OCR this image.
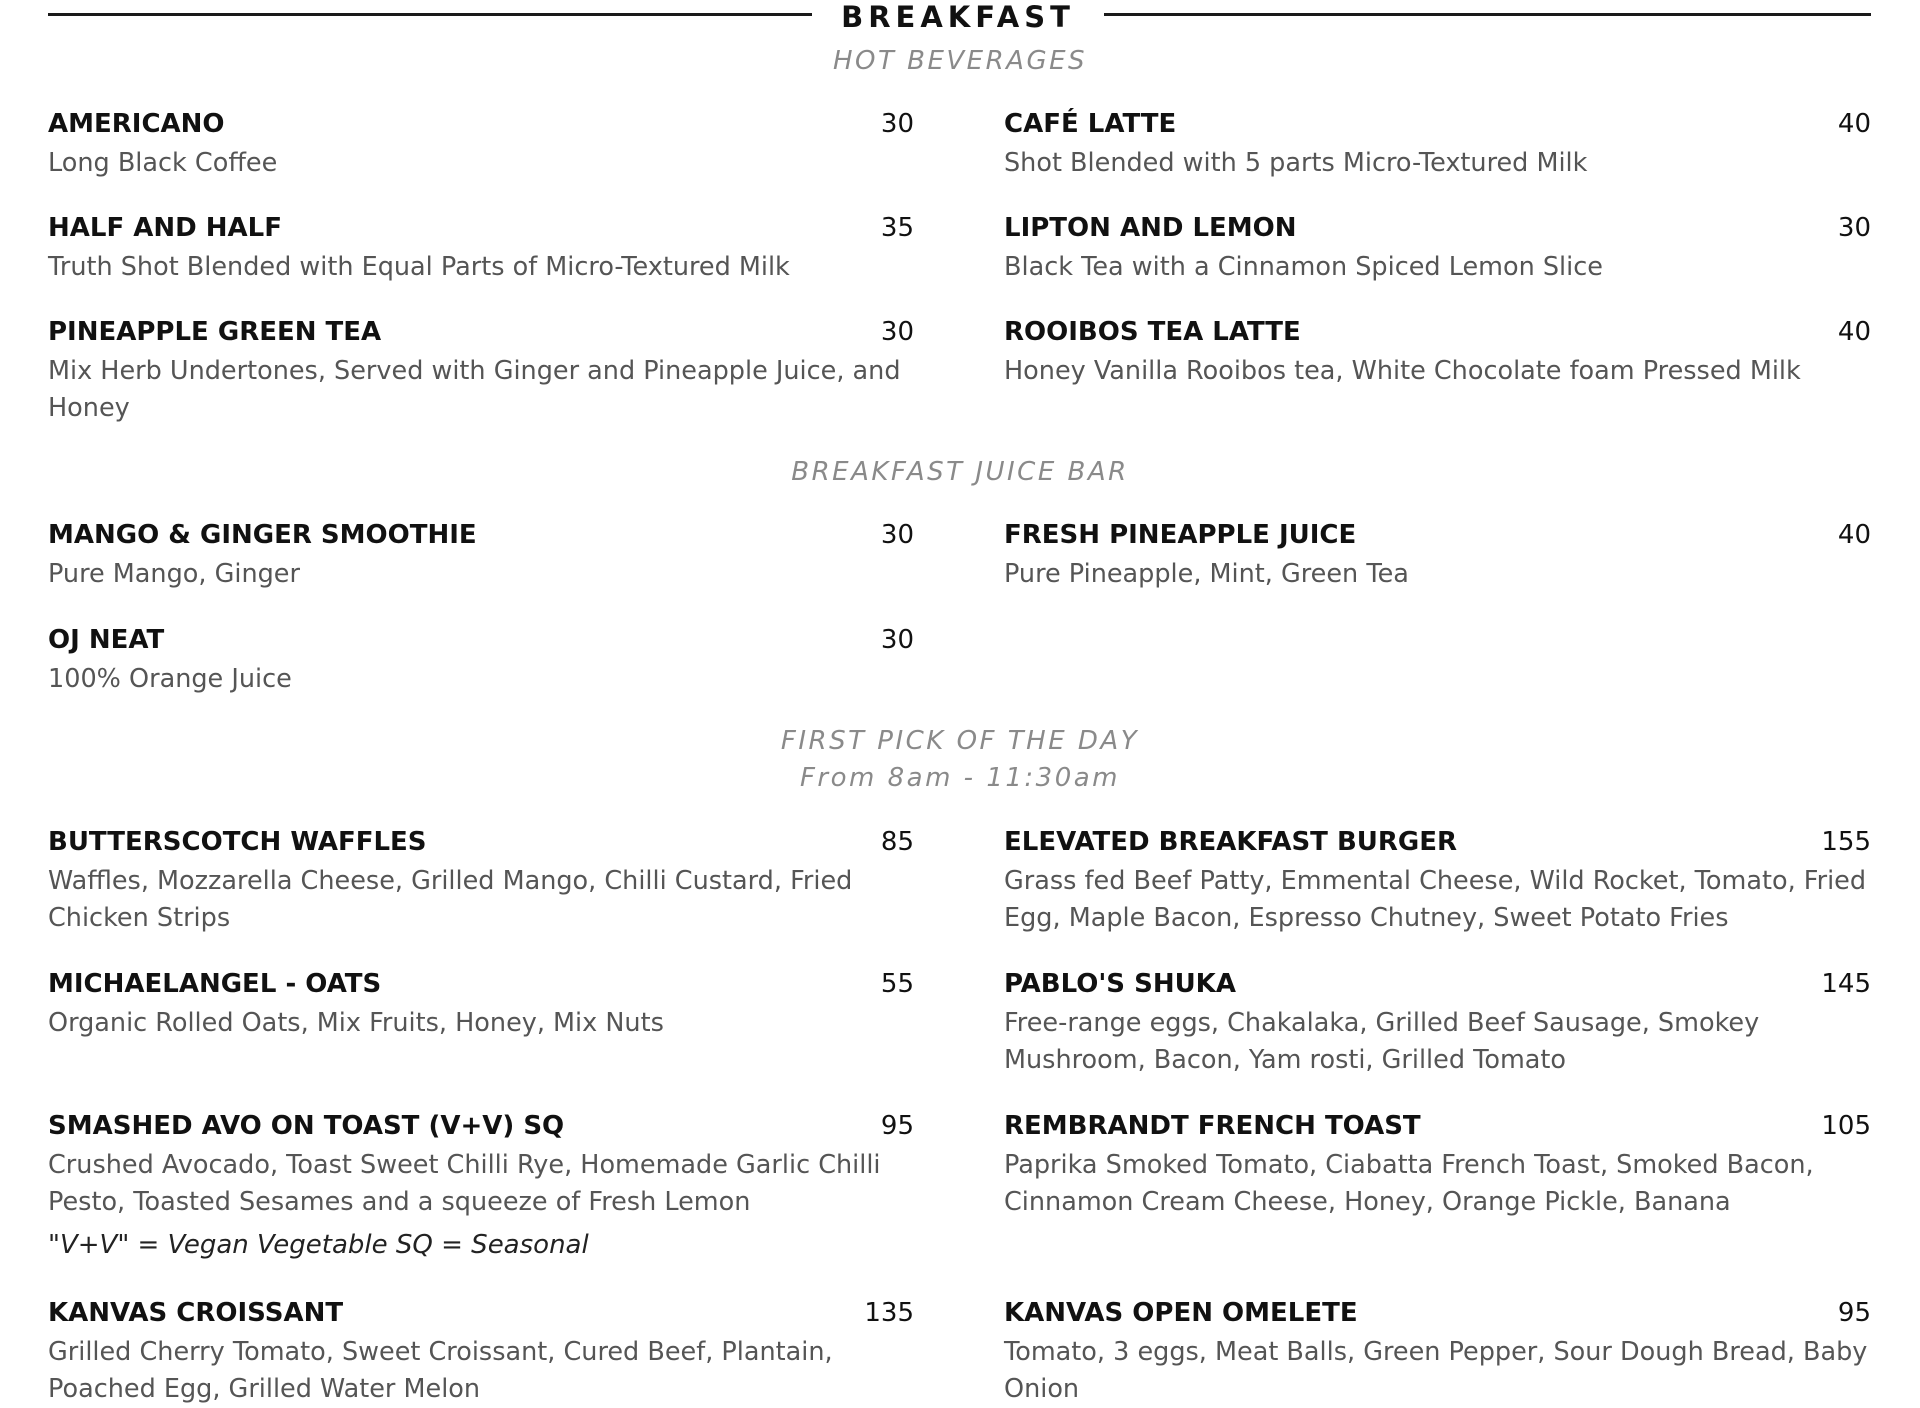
BREAKFAST
HOT BEVERAGES
AMERICANO	30
Long Black Coffee
CAFÉ LATTE	40
Shot Blended with 5 parts Micro-Textured Milk
HALF AND HALF	35
Truth Shot Blended with Equal Parts of Micro-Textured Milk
LIPTON AND LEMON	30
Black Tea with a Cinnamon Spiced Lemon Slice
PINEAPPLE GREEN TEA	30
Mix Herb Undertones, Served with Ginger and Pineapple Juice, and Honey
ROOIBOS TEA LATTE	40
Honey Vanilla Rooibos tea, White Chocolate foam Pressed Milk
BREAKFAST JUICE BAR
MANGO & GINGER SMOOTHIE	30
Pure Mango, Ginger
FRESH PINEAPPLE JUICE	40
Pure Pineapple, Mint, Green Tea
OJ NEAT	30
100% Orange Juice
FIRST PICK OF THE DAY
From 8am - 11:30am
BUTTERSCOTCH WAFFLES	85
Waffles, Mozzarella Cheese, Grilled Mango, Chilli Custard, Fried Chicken Strips
ELEVATED BREAKFAST BURGER	155
Grass fed Beef Patty, Emmental Cheese, Wild Rocket, Tomato, Fried Egg, Maple Bacon, Espresso Chutney, Sweet Potato Fries
MICHAELANGEL - OATS	55
Organic Rolled Oats, Mix Fruits, Honey, Mix Nuts
PABLO'S SHUKA	145
Free-range eggs, Chakalaka, Grilled Beef Sausage, Smokey Mushroom, Bacon, Yam rosti, Grilled Tomato
SMASHED AVO ON TOAST (V+V) SQ	95
Crushed Avocado, Toast Sweet Chilli Rye, Homemade Garlic Chilli Pesto, Toasted Sesames and a squeeze of Fresh Lemon
"V+V" = Vegan Vegetable SQ = Seasonal
REMBRANDT FRENCH TOAST	105
Paprika Smoked Tomato, Ciabatta French Toast, Smoked Bacon, Cinnamon Cream Cheese, Honey, Orange Pickle, Banana
KANVAS CROISSANT	135
Grilled Cherry Tomato, Sweet Croissant, Cured Beef, Plantain, Poached Egg, Grilled Water Melon
KANVAS OPEN OMELETE	95
Tomato, 3 eggs, Meat Balls, Green Pepper, Sour Dough Bread, Baby Onion
